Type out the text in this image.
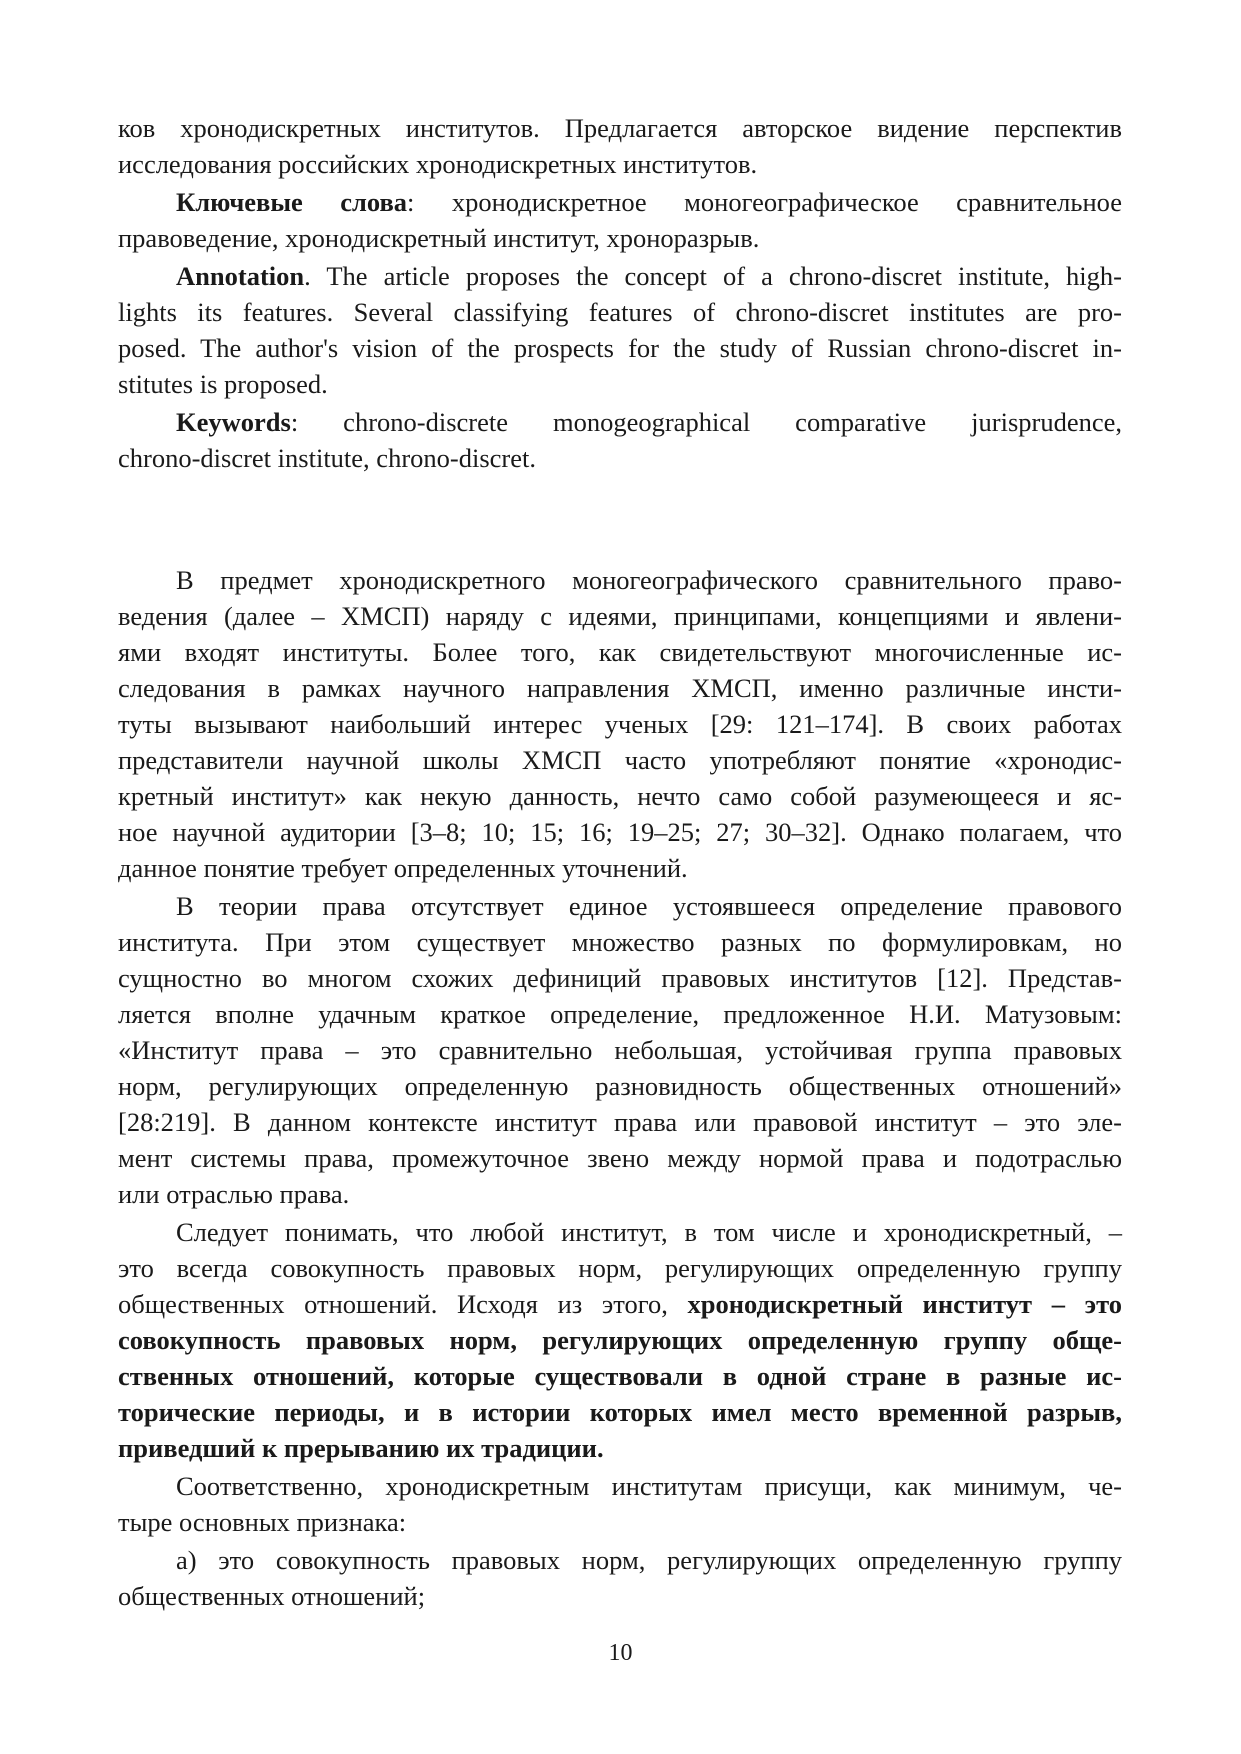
ков хронодискретных институтов. Предлагается авторское видение перспектив
исследования российских хронодискретных институтов.
Ключевые слова: хронодискретное моногеографическое сравнительное
правоведение, хронодискретный институт, хроноразрыв.
Annotation. The article proposes the concept of a chrono-discret institute, high-
lights its features. Several classifying features of chrono-discret institutes are pro-
posed. The author's vision of the prospects for the study of Russian chrono-discret in-
stitutes is proposed.
Keywords: chrono-discrete monogeographical comparative jurisprudence,
chrono-discret institute, chrono-discret.
В предмет хронодискретного моногеографического сравнительного право-
ведения (далее – ХМСП) наряду с идеями, принципами, концепциями и явлени-
ями входят институты. Более того, как свидетельствуют многочисленные ис-
следования в рамках научного направления ХМСП, именно различные инсти-
туты вызывают наибольший интерес ученых [29: 121–174]. В своих работах
представители научной школы ХМСП часто употребляют понятие «хронодис-
кретный институт» как некую данность, нечто само собой разумеющееся и яс-
ное научной аудитории [3–8; 10; 15; 16; 19–25; 27; 30–32]. Однако полагаем, что
данное понятие требует определенных уточнений.
В теории права отсутствует единое устоявшееся определение правового
института. При этом существует множество разных по формулировкам, но
сущностно во многом схожих дефиниций правовых институтов [12]. Представ-
ляется вполне удачным краткое определение, предложенное Н.И. Матузовым:
«Институт права – это сравнительно небольшая, устойчивая группа правовых
норм, регулирующих определенную разновидность общественных отношений»
[28:219]. В данном контексте институт права или правовой институт – это эле-
мент системы права, промежуточное звено между нормой права и подотраслью
или отраслью права.
Следует понимать, что любой институт, в том числе и хронодискретный, –
это всегда совокупность правовых норм, регулирующих определенную группу
общественных отношений. Исходя из этого, хронодискретный институт – это
совокупность правовых норм, регулирующих определенную группу обще-
ственных отношений, которые существовали в одной стране в разные ис-
торические периоды, и в истории которых имел место временной разрыв,
приведший к прерыванию их традиции.
Соответственно, хронодискретным институтам присущи, как минимум, че-
тыре основных признака:
а) это совокупность правовых норм, регулирующих определенную группу
общественных отношений;
10
